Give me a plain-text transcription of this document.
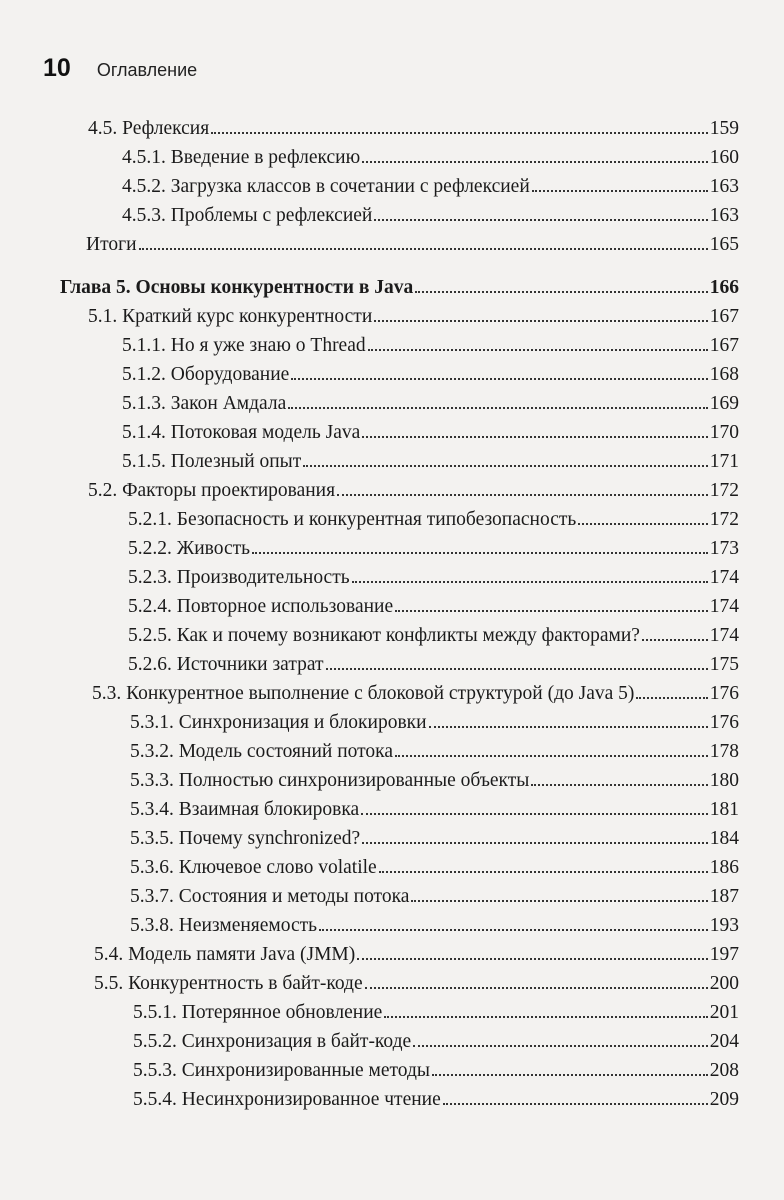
10 Оглавление
4.5. Рефлексия	159
4.5.1. Введение в рефлексию	160
4.5.2. Загрузка классов в сочетании с рефлексией	163
4.5.3. Проблемы с рефлексией	163
Итоги	165
Глава 5. Основы конкурентности в Java	166
5.1. Краткий курс конкурентности	167
5.1.1. Но я уже знаю о Thread	167
5.1.2. Оборудование	168
5.1.3. Закон Амдала	169
5.1.4. Потоковая модель Java	170
5.1.5. Полезный опыт	171
5.2. Факторы проектирования	172
5.2.1. Безопасность и конкурентная типобезопасность	172
5.2.2. Живость	173
5.2.3. Производительность	174
5.2.4. Повторное использование	174
5.2.5. Как и почему возникают конфликты между факторами?	174
5.2.6. Источники затрат	175
5.3. Конкурентное выполнение с блоковой структурой (до Java 5)	176
5.3.1. Синхронизация и блокировки	176
5.3.2. Модель состояний потока	178
5.3.3. Полностью синхронизированные объекты	180
5.3.4. Взаимная блокировка	181
5.3.5. Почему synchronized?	184
5.3.6. Ключевое слово volatile	186
5.3.7. Состояния и методы потока	187
5.3.8. Неизменяемость	193
5.4. Модель памяти Java (JMM)	197
5.5. Конкурентность в байт-коде	200
5.5.1. Потерянное обновление	201
5.5.2. Синхронизация в байт-коде	204
5.5.3. Синхронизированные методы	208
5.5.4. Несинхронизированное чтение	209
